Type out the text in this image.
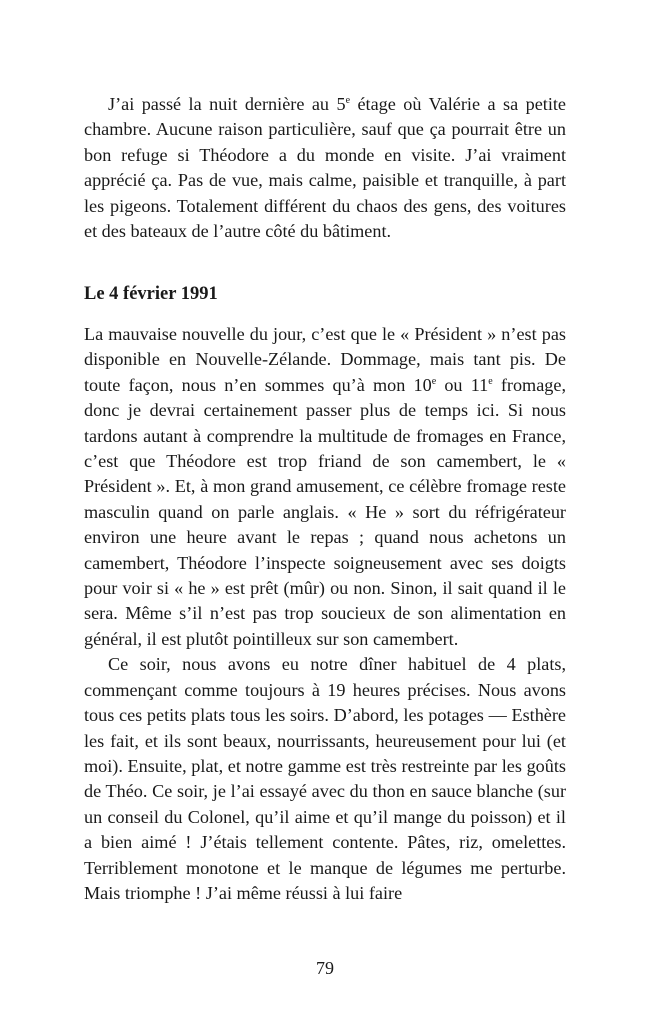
J’ai passé la nuit dernière au 5e étage où Valérie a sa petite chambre. Aucune raison particulière, sauf que ça pourrait être un bon refuge si Théodore a du monde en visite. J’ai vraiment apprécié ça. Pas de vue, mais calme, paisible et tranquille, à part les pigeons. Totalement différent du chaos des gens, des voitures et des bateaux de l’autre côté du bâtiment.

Le 4 février 1991

La mauvaise nouvelle du jour, c’est que le « Président » n’est pas disponible en Nouvelle-Zélande. Dommage, mais tant pis. De toute façon, nous n’en sommes qu’à mon 10e ou 11e fromage, donc je devrai certainement passer plus de temps ici. Si nous tardons autant à comprendre la multitude de fromages en France, c’est que Théodore est trop friand de son camembert, le « Président ». Et, à mon grand amusement, ce célèbre fromage reste masculin quand on parle anglais. « He » sort du réfrigérateur environ une heure avant le repas ; quand nous achetons un camembert, Théodore l’inspecte soigneusement avec ses doigts pour voir si « he » est prêt (mûr) ou non. Sinon, il sait quand il le sera. Même s’il n’est pas trop soucieux de son alimentation en général, il est plutôt pointilleux sur son camembert.

Ce soir, nous avons eu notre dîner habituel de 4 plats, commençant comme toujours à 19 heures précises. Nous avons tous ces petits plats tous les soirs. D’abord, les potages — Esthère les fait, et ils sont beaux, nourrissants, heureusement pour lui (et moi). Ensuite, plat, et notre gamme est très restreinte par les goûts de Théo. Ce soir, je l’ai essayé avec du thon en sauce blanche (sur un conseil du Colonel, qu’il aime et qu’il mange du poisson) et il a bien aimé ! J’étais tellement contente. Pâtes, riz, omelettes. Terriblement monotone et le manque de légumes me perturbe. Mais triomphe ! J’ai même réussi à lui faire

79
